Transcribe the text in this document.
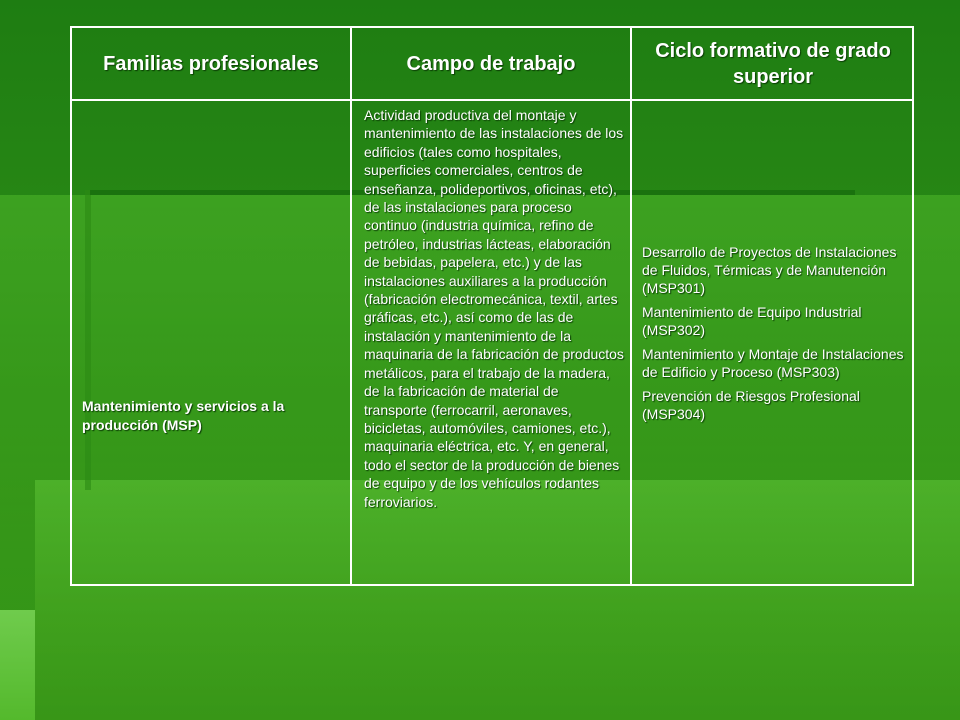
Familias profesionales
Mantenimiento y servicios a la producción (MSP)
Campo de trabajo
Actividad productiva del montaje y mantenimiento de las instalaciones de los edificios (tales como hospitales, superficies comerciales, centros de enseñanza, polideportivos, oficinas, etc), de las instalaciones para proceso continuo (industria química, refino de petróleo, industrias lácteas, elaboración de bebidas, papelera, etc.) y de las instalaciones auxiliares a la producción (fabricación electromecánica, textil, artes gráficas, etc.), así como de las de instalación y mantenimiento de la maquinaria de la fabricación de productos metálicos, para el trabajo de la madera, de la fabricación de material de transporte (ferrocarril, aeronaves, bicicletas, automóviles, camiones, etc.), maquinaria eléctrica, etc. Y, en general, todo el sector de la producción de bienes de equipo y de los vehículos rodantes ferroviarios.
Ciclo formativo de grado superior
Desarrollo de Proyectos de Instalaciones de Fluidos, Térmicas y de Manutención (MSP301)
Mantenimiento de Equipo Industrial (MSP302)
Mantenimiento y Montaje de Instalaciones de Edificio y Proceso (MSP303)
Prevención de Riesgos Profesional (MSP304)
